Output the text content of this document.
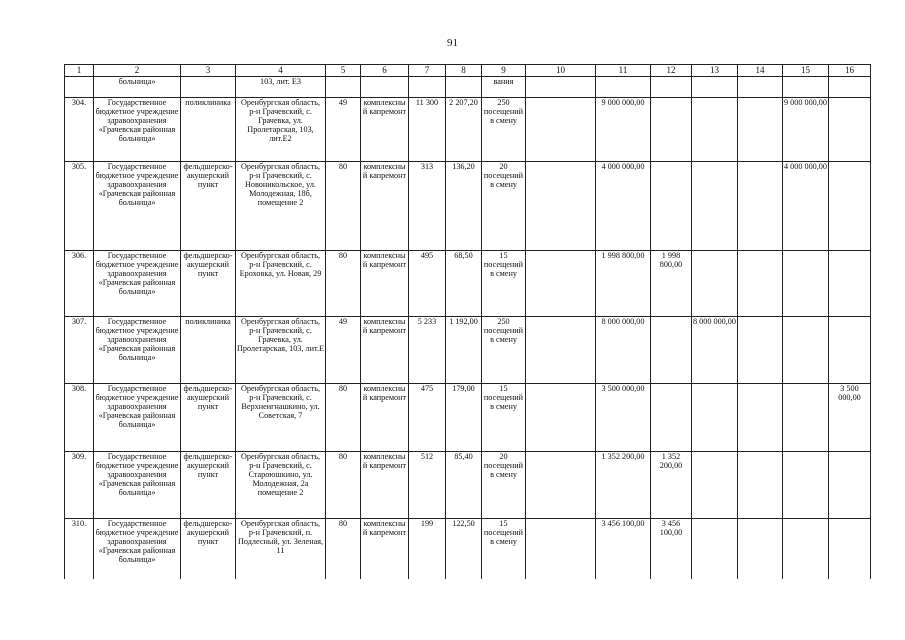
91
1	2	3	4	5	6	7	8	9	10	11	12	13	14	15	16
	больница»		103, лит. Е3					вания							
304.	Государственное бюджетное учреждение здравоохранения «Грачевская районная больница»	поликлиника	Оренбургская область, р-н Грачевский, с. Грачевка, ул. Пролетарская, 103, лит.Е2	49	комплексный капремонт	11 300	2 207,20	250 посещений в смену		9 000 000,00				9 000 000,00	
305.	Государственное бюджетное учреждение здравоохранения «Грачевская районная больница»	фельдшерско-акушерский пункт	Оренбургская область, р-н Грачевский, с. Новоникольское, ул. Молодежная, 18б, помещение 2	80	комплексный капремонт	313	136,20	20 посещений в смену		4 000 000,00				4 000 000,00	
306.	Государственное бюджетное учреждение здравоохранения «Грачевская районная больница»	фельдшерско-акушерский пункт	Оренбургская область, р-н Грачевский, с. Ероховка, ул. Новая, 29	80	комплексный капремонт	495	68,50	15 посещений в смену		1 998 800,00	1 998 800,00				
307.	Государственное бюджетное учреждение здравоохранения «Грачевская районная больница»	поликлиника	Оренбургская область, р-н Грачевский, с. Грачевка, ул. Пролетарская, 103, лит.Е	49	комплексный капремонт	5 233	1 192,00	250 посещений в смену		8 000 000,00		8 000 000,00			
308.	Государственное бюджетное учреждение здравоохранения «Грачевская районная больница»	фельдшерско-акушерский пункт	Оренбургская область, р-н Грачевский, с. Верхнеигнашкино, ул. Советская, 7	80	комплексный капремонт	475	179,00	15 посещений в смену		3 500 000,00					3 500 000,00
309.	Государственное бюджетное учреждение здравоохранения «Грачевская районная больница»	фельдшерско-акушерский пункт	Оренбургская область, р-н Грачевский, с. Староюшкино, ул. Молодежная, 2а помещение 2	80	комплексный капремонт	512	85,40	20 посещений в смену		1 352 200,00	1 352 200,00				
310.	Государственное бюджетное учреждение здравоохранения «Грачевская районная больница»	фельдшерско-акушерский пункт	Оренбургская область, р-н Грачевский, п. Подлесный, ул. Зеленая, 11	80	комплексный капремонт	199	122,50	15 посещений в смену		3 456 100,00	3 456 100,00				
